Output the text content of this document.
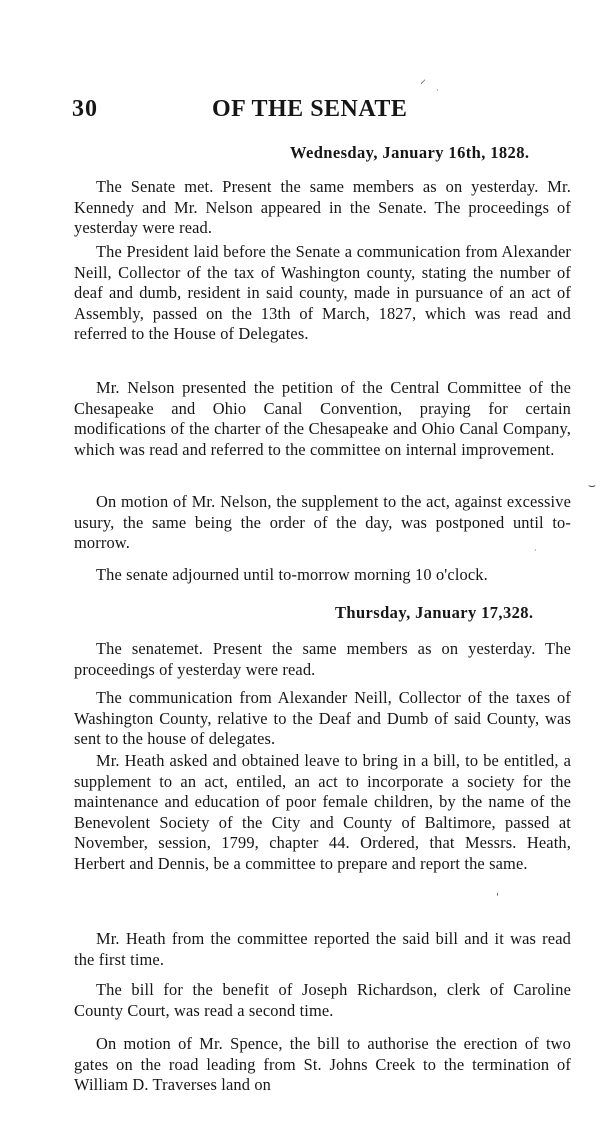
30	OF THE SENATE
⸝
·
Wednesday, January 16th, 1828.

The Senate met. Present the same members as on yesterday. Mr. Kennedy and Mr. Nelson appeared in the Senate. The proceedings of yesterday were read.

The President laid before the Senate a communication from Alexander Neill, Collector of the tax of Washington county, stating the number of deaf and dumb, resident in said county, made in pursuance of an act of Assembly, passed on the 13th of March, 1827, which was read and referred to the House of Delegates.

Mr. Nelson presented the petition of the Central Committee of the Chesapeake and Ohio Canal Convention, praying for certain modifications of the charter of the Chesapeake and Ohio Canal Company, which was read and referred to the committee on internal improvement.

On motion of Mr. Nelson, the supplement to the act, against excessive usury, the same being the order of the day, was postponed until to-morrow.

The senate adjourned until to-morrow morning 10 o'clock.

Thursday, January 17,328.

The senatemet. Present the same members as on yesterday. The proceedings of yesterday were read.

The communication from Alexander Neill, Collector of the taxes of Washington County, relative to the Deaf and Dumb of said County, was sent to the house of delegates.

Mr. Heath asked and obtained leave to bring in a bill, to be entitled, a supplement to an act, entiled, an act to incorporate a society for the maintenance and education of poor female children, by the name of the Benevolent Society of the City and County of Baltimore, passed at November, session, 1799, chapter 44. Ordered, that Messrs. Heath, Herbert and Dennis, be a committee to prepare and report the same.

Mr. Heath from the committee reported the said bill and it was read the first time.

The bill for the benefit of Joseph Richardson, clerk of Caroline County Court, was read a second time.

On motion of Mr. Spence, the bill to authorise the erection of two gates on the road leading from St. Johns Creek to the termination of William D. Traverses land on

⌣
·
'
